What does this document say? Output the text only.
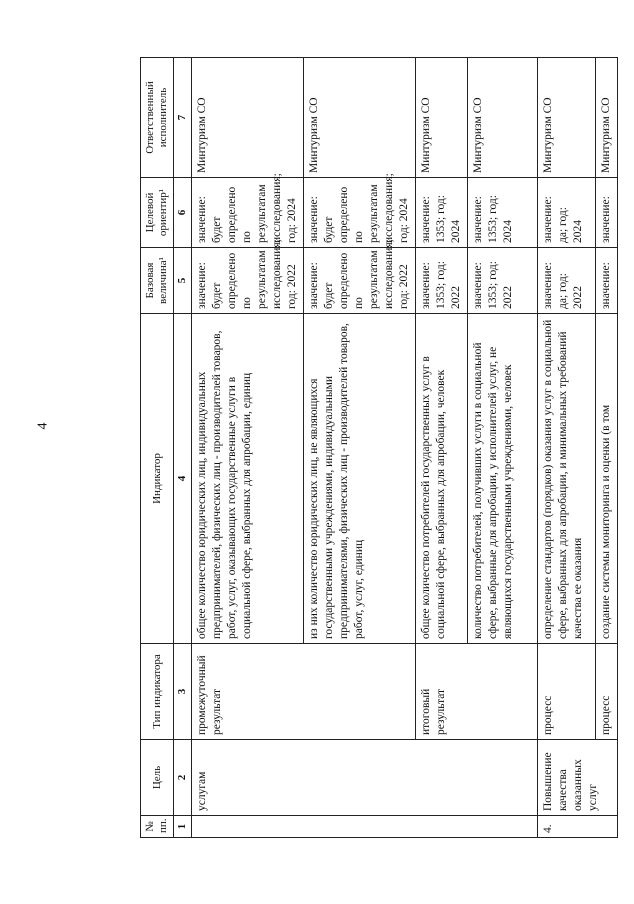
4
№ пп.	Цель	Тип индикатора	Индикатор	Базовая величина¹	Целевой ориентир¹	Ответственный исполнитель
1	2	3	4	5	6	7
	услугам	промежуточный результат	общее количество юридических лиц, индивидуальных предпринимателей, физических лиц - производителей товаров, работ, услуг, оказывающих государственные услуги в социальной сфере, выбранных для апробации, единиц	значение: будет определено по результатам исследования; год: 2022	значение: будет определено по результатам исследования; год: 2024	Минтуризм СО
			из них количество юридических лиц, не являющихся государственными учреждениями, индивидуальными предпринимателями, физических лиц - производителей товаров, работ, услуг, единиц	значение: будет определено по результатам исследования; год: 2022	значение: будет определено по результатам исследования; год: 2024	Минтуризм СО
		итоговый результат	общее количество потребителей государственных услуг в социальной сфере, выбранных для апробации, человек	значение: 1353; год: 2022	значение: 1353; год: 2024	Минтуризм СО
			количество потребителей, получивших услуги в социальной сфере, выбранные для апробации, у исполнителей услуг, не являющихся государственными учреждениями, человек	значение: 1353; год: 2022	значение: 1353; год: 2024	Минтуризм СО
4.	Повышение качества оказанных услуг	процесс	определение стандартов (порядков) оказания услуг в социальной сфере, выбранных для апробации, и минимальных требований качества ее оказания	значение: да; год: 2022	значение: да; год: 2024	Минтуризм СО
		процесс	создание системы мониторинга и оценки (в том	значение:	значение:	Минтуризм СО
